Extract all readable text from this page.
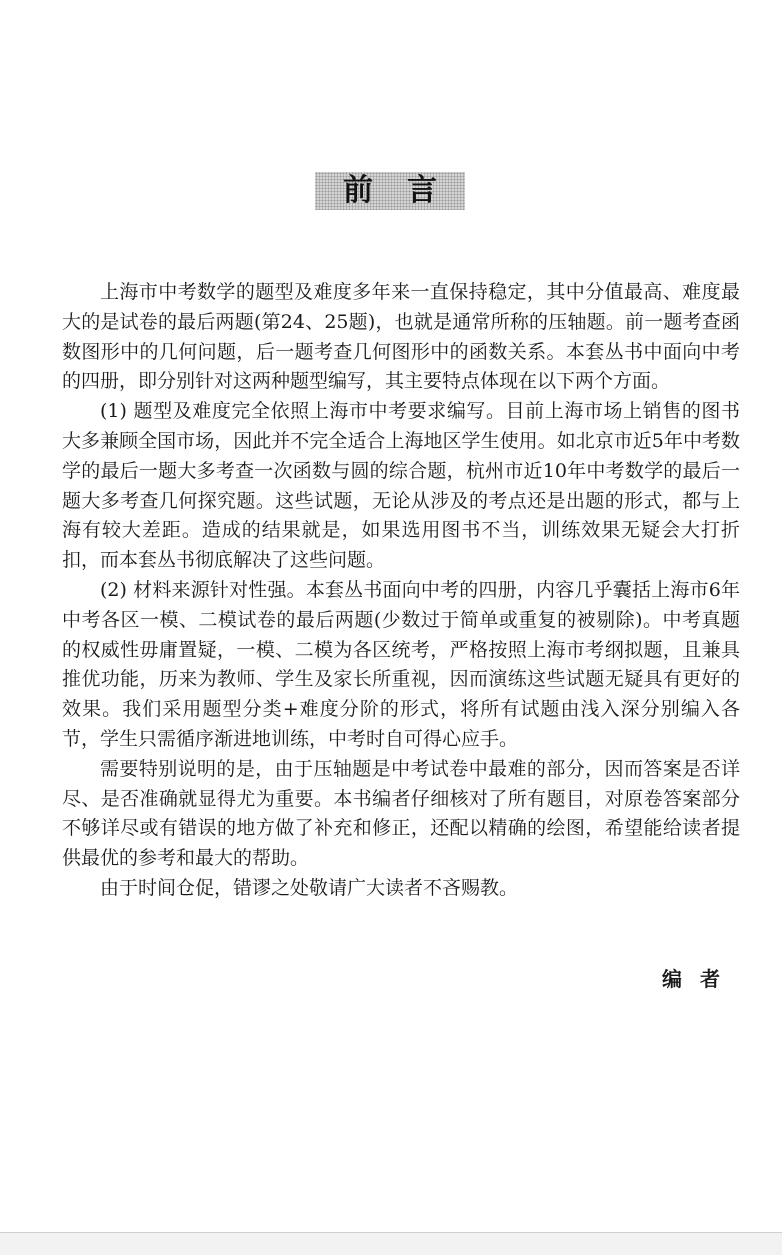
前言

上海市中考数学的题型及难度多年来一直保持稳定，其中分值最高、难度最大的是试卷的最后两题(第24、25题)，也就是通常所称的压轴题。前一题考查函数图形中的几何问题，后一题考查几何图形中的函数关系。本套丛书中面向中考的四册，即分别针对这两种题型编写，其主要特点体现在以下两个方面。

(1) 题型及难度完全依照上海市中考要求编写。目前上海市场上销售的图书大多兼顾全国市场，因此并不完全适合上海地区学生使用。如北京市近5年中考数学的最后一题大多考查一次函数与圆的综合题，杭州市近10年中考数学的最后一题大多考查几何探究题。这些试题，无论从涉及的考点还是出题的形式，都与上海有较大差距。造成的结果就是，如果选用图书不当，训练效果无疑会大打折扣，而本套丛书彻底解决了这些问题。

(2) 材料来源针对性强。本套丛书面向中考的四册，内容几乎囊括上海市6年中考各区一模、二模试卷的最后两题(少数过于简单或重复的被剔除)。中考真题的权威性毋庸置疑，一模、二模为各区统考，严格按照上海市考纲拟题，且兼具推优功能，历来为教师、学生及家长所重视，因而演练这些试题无疑具有更好的效果。我们采用题型分类+难度分阶的形式，将所有试题由浅入深分别编入各节，学生只需循序渐进地训练，中考时自可得心应手。

需要特别说明的是，由于压轴题是中考试卷中最难的部分，因而答案是否详尽、是否准确就显得尤为重要。本书编者仔细核对了所有题目，对原卷答案部分不够详尽或有错误的地方做了补充和修正，还配以精确的绘图，希望能给读者提供最优的参考和最大的帮助。

由于时间仓促，错谬之处敬请广大读者不吝赐教。

编者
